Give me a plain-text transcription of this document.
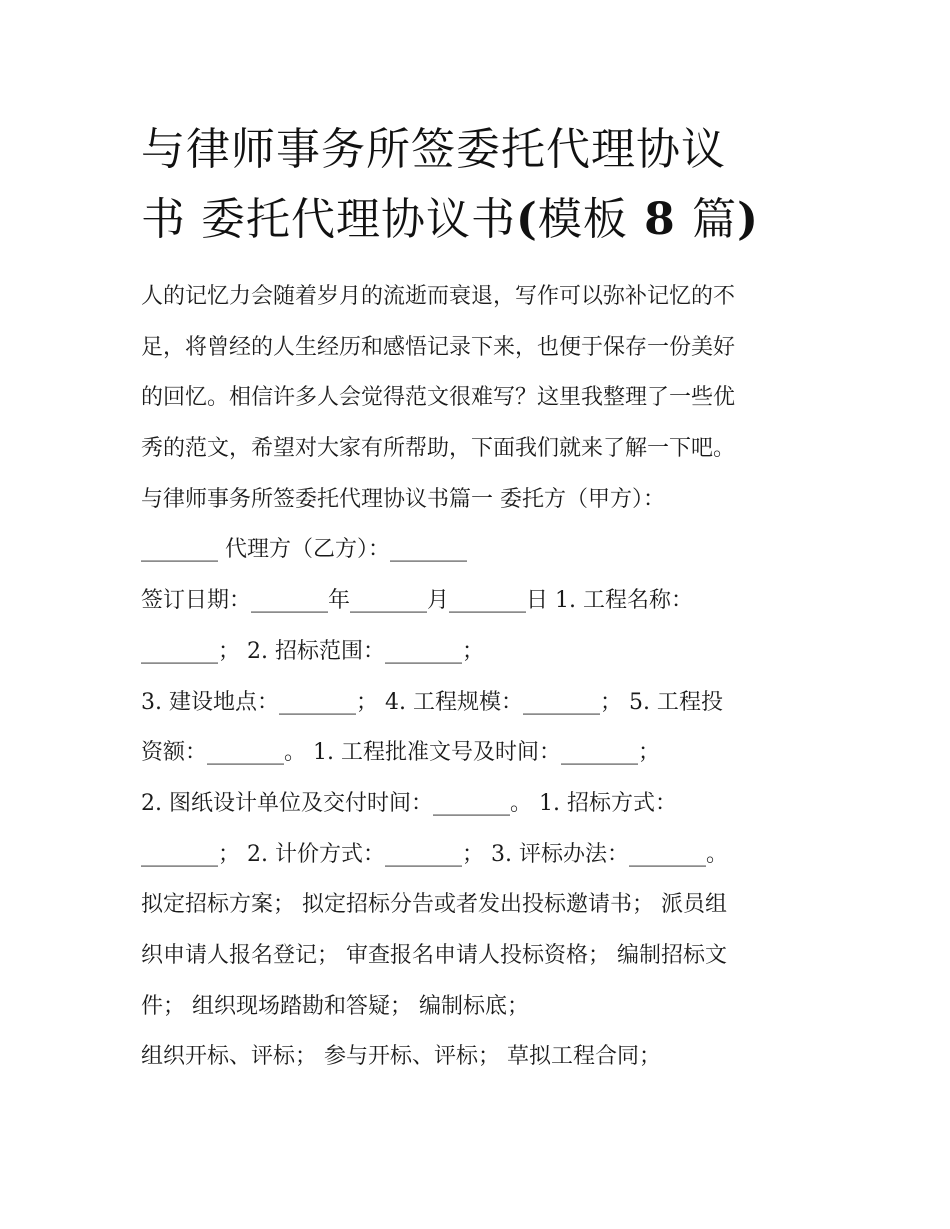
与律师事务所签委托代理协议
书 委托代理协议书(模板 8 篇)
人的记忆力会随着岁月的流逝而衰退，写作可以弥补记忆的不
足，将曾经的人生经历和感悟记录下来，也便于保存一份美好
的回忆。相信许多人会觉得范文很难写？这里我整理了一些优
秀的范文，希望对大家有所帮助，下面我们就来了解一下吧。
与律师事务所签委托代理协议书篇一 委托方（甲方）：
_______ 代理方（乙方）：_______
签订日期：_______年_______月_______日 1. 工程名称：
_______； 2. 招标范围：_______；
3. 建设地点：_______； 4. 工程规模：_______； 5. 工程投
资额：_______。 1. 工程批准文号及时间：_______；
2. 图纸设计单位及交付时间：_______。 1. 招标方式：
_______； 2. 计价方式：_______； 3. 评标办法：_______。
拟定招标方案； 拟定招标分告或者发出投标邀请书； 派员组
织申请人报名登记； 审查报名申请人投标资格； 编制招标文
件； 组织现场踏勘和答疑； 编制标底；
组织开标、评标； 参与开标、评标； 草拟工程合同；
